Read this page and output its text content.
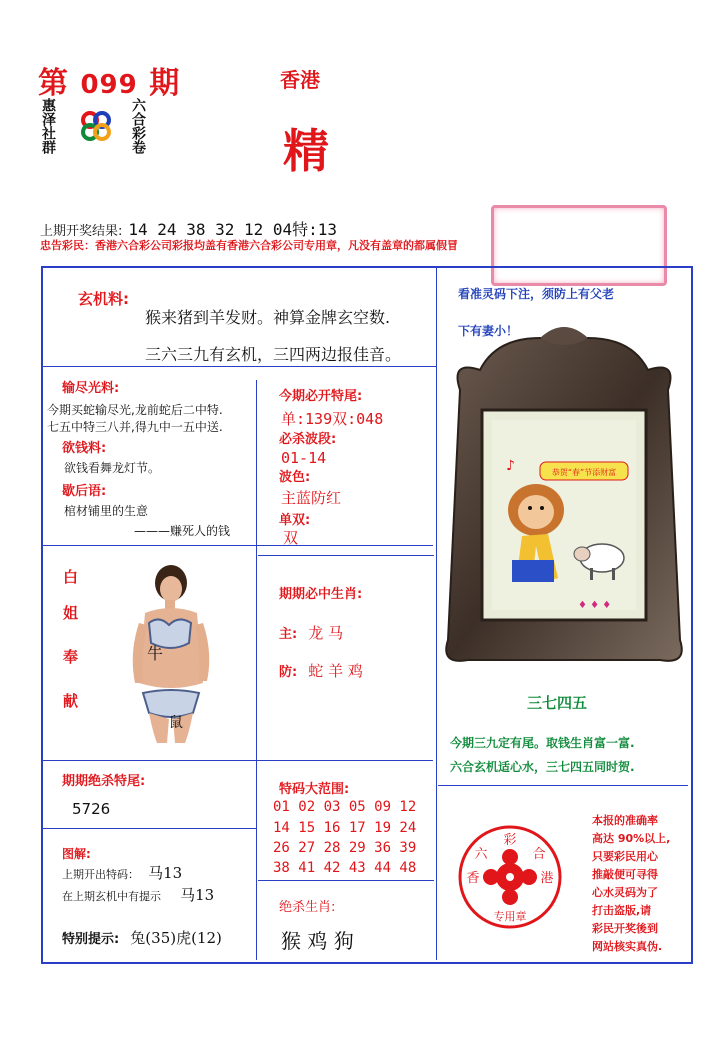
第 099 期
惠泽社群	六合彩卷
香港
精
上期开奖结果: 14 24 38 32 12 04特:13
忠告彩民：香港六合彩公司彩报均盖有香港六合彩公司专用章，凡没有盖章的都属假冒
玄机料:
猴来猪到羊发财。神算金牌玄空数.
三六三九有玄机，三四两边报佳音。
输尽光料:
今期买蛇输尽光,龙前蛇后二中特.
七五中特三八并,得九中一五中送.
欲钱料:
欲钱看舞龙灯节。
歇后语:
棺材铺里的生意
———赚死人的钱
今期必开特尾:
单:139双:048
必杀波段:
01-14
波色:
主蓝防红
单双:
双
白
姐
奉
献
牛
鼠
期期必中生肖:
主: 龙 马
防: 蛇 羊 鸡
看准灵码下注，须防上有父老
下有妻小！
恭贺“春”节添财富
♪
♦ ♦ ♦
三七四五
今期三九定有尾。取钱生肖富一富.
六合玄机适心水，三七四五同时贺.
期期绝杀特尾:
5726
特码大范围:
01 02 03 05 09 12
14 15 16 17 19 24
26 27 28 29 36 39
38 41 42 43 44 48
图解:
上期开出特码： 马13
在上期玄机中有提示 马13
特别提示: 兔(35)虎(12)
绝杀生肖:
猴 鸡 狗
彩
六	合
香	港
专用章
本报的准确率
高达 90%以上,
只要彩民用心
推敲便可寻得
心水灵码为了
打击盗版,请
彩民开奖後到
网站核实真伪.
